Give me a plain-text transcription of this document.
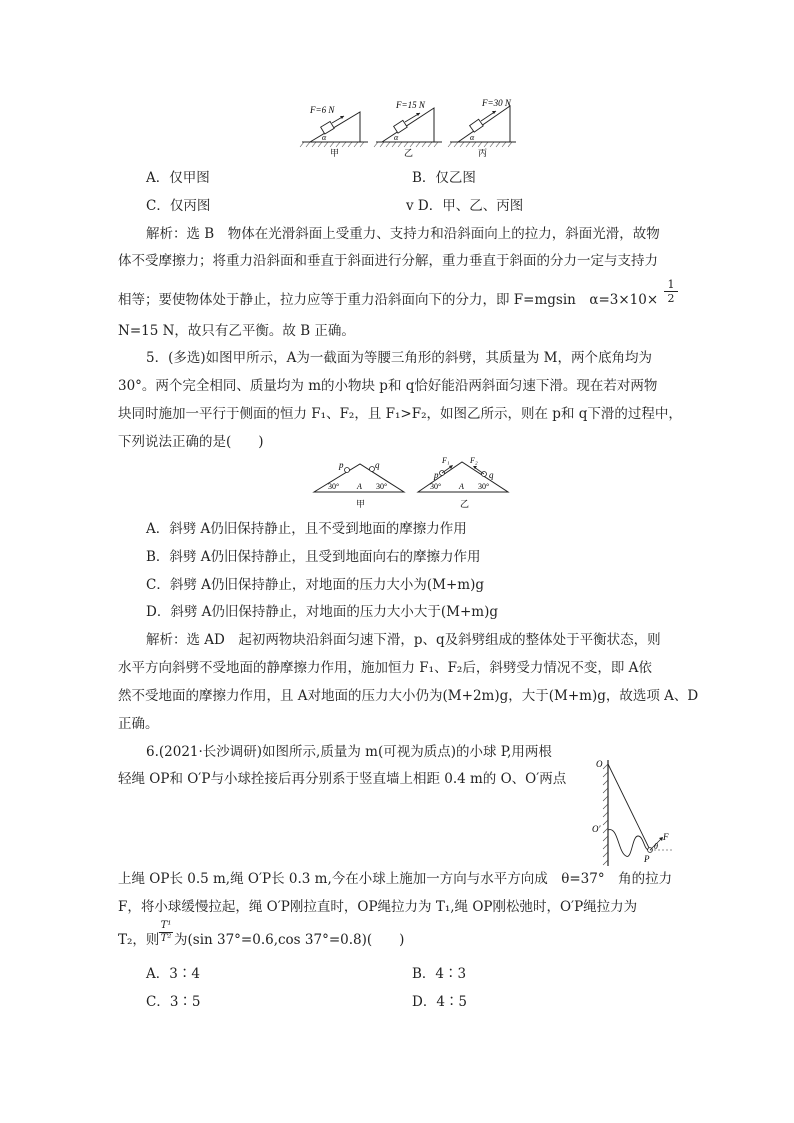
F=6 N
α
甲
F=15 N
α
乙
F=30 N
α
丙
A．仅甲图	B．仅乙图
C．仅丙图	v D．甲、乙、丙图
解析：选 B　物体在光滑斜面上受重力、支持力和沿斜面向上的拉力，斜面光滑，故物
体不受摩擦力；将重力沿斜面和垂直于斜面进行分解，重力垂直于斜面的分力一定与支持力
相等；要使物体处于静止，拉力应等于重力沿斜面向下的分力，即 F=mgsin　α=3×10×
1
2
N=15 N，故只有乙平衡。故 B 正确。
5．(多选)如图甲所示，A为一截面为等腰三角形的斜劈，其质量为 M，两个底角均为
30°。两个完全相同、质量均为 m的小物块 p和 q恰好能沿两斜面匀速下滑。现在若对两物
块同时施加一平行于侧面的恒力 F₁、F₂，且 F₁>F₂，如图乙所示，则在 p和 q下滑的过程中，
下列说法正确的是(　　)
p	q
30° A 30°
甲
F₁	F₂
p	q
30° A 30°
乙
A．斜劈 A仍旧保持静止，且不受到地面的摩擦力作用
B．斜劈 A仍旧保持静止，且受到地面向右的摩擦力作用
C．斜劈 A仍旧保持静止，对地面的压力大小为(M+m)g
D．斜劈 A仍旧保持静止，对地面的压力大小大于(M+m)g
解析：选 AD　起初两物块沿斜面匀速下滑，p、q及斜劈组成的整体处于平衡状态，则
水平方向斜劈不受地面的静摩擦力作用，施加恒力 F₁、F₂后，斜劈受力情况不变，即 A依
然不受地面的摩擦力作用，且 A对地面的压力大小仍为(M+2m)g，大于(M+m)g，故选项 A、D
正确。
6.(2021·长沙调研)如图所示,质量为 m(可视为质点)的小球 P,用两根
轻绳 OP和 O′P与小球拴接后再分别系于竖直墙上相距 0.4 m的 O、O′两点
O
O′
F
θ
P
上绳 OP长 0.5 m,绳 O′P长 0.3 m,今在小球上施加一方向与水平方向成　θ=37°　角的拉力
F，将小球缓慢拉起，绳 O′P刚拉直时，OP绳拉力为 T₁,绳 OP刚松弛时，O′P绳拉力为
T₂，则
T¹
T² 为(sin 37°=0.6,cos 37°=0.8)(　　)
A．3∶4	B．4∶3
C．3∶5	D．4∶5
